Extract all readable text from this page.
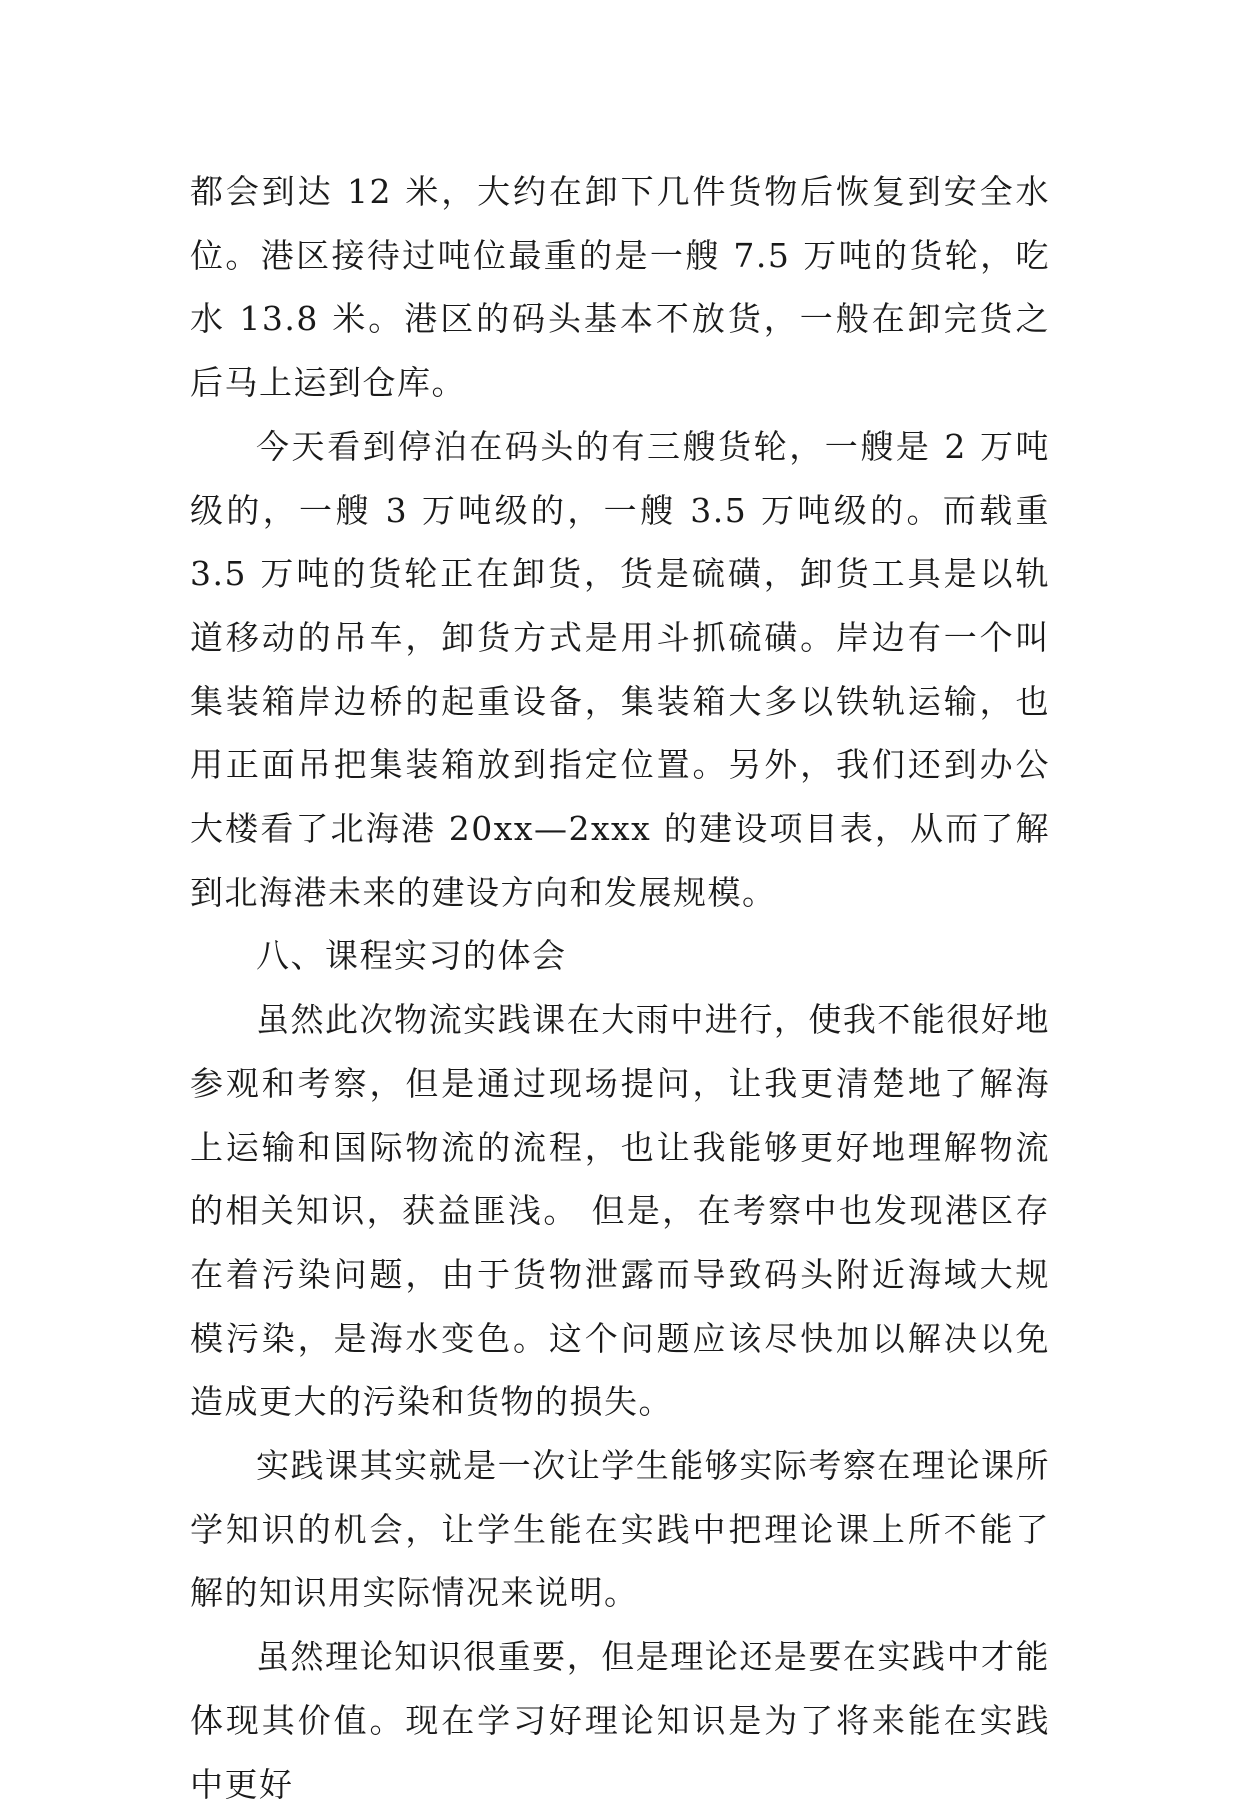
都会到达 12 米，大约在卸下几件货物后恢复到安全水位。港区接待过吨位最重的是一艘 7.5 万吨的货轮，吃水 13.8 米。港区的码头基本不放货，一般在卸完货之后马上运到仓库。

今天看到停泊在码头的有三艘货轮，一艘是 2 万吨级的，一艘 3 万吨级的，一艘 3.5 万吨级的。而载重 3.5 万吨的货轮正在卸货，货是硫磺，卸货工具是以轨道移动的吊车，卸货方式是用斗抓硫磺。岸边有一个叫集装箱岸边桥的起重设备，集装箱大多以铁轨运输，也用正面吊把集装箱放到指定位置。另外，我们还到办公大楼看了北海港 20xx—2xxx 的建设项目表，从而了解到北海港未来的建设方向和发展规模。

八、课程实习的体会

虽然此次物流实践课在大雨中进行，使我不能很好地参观和考察，但是通过现场提问，让我更清楚地了解海上运输和国际物流的流程，也让我能够更好地理解物流的相关知识，获益匪浅。 但是，在考察中也发现港区存在着污染问题，由于货物泄露而导致码头附近海域大规模污染，是海水变色。这个问题应该尽快加以解决以免造成更大的污染和货物的损失。

实践课其实就是一次让学生能够实际考察在理论课所学知识的机会，让学生能在实践中把理论课上所不能了解的知识用实际情况来说明。

虽然理论知识很重要，但是理论还是要在实践中才能体现其价值。现在学习好理论知识是为了将来能在实践中更好
